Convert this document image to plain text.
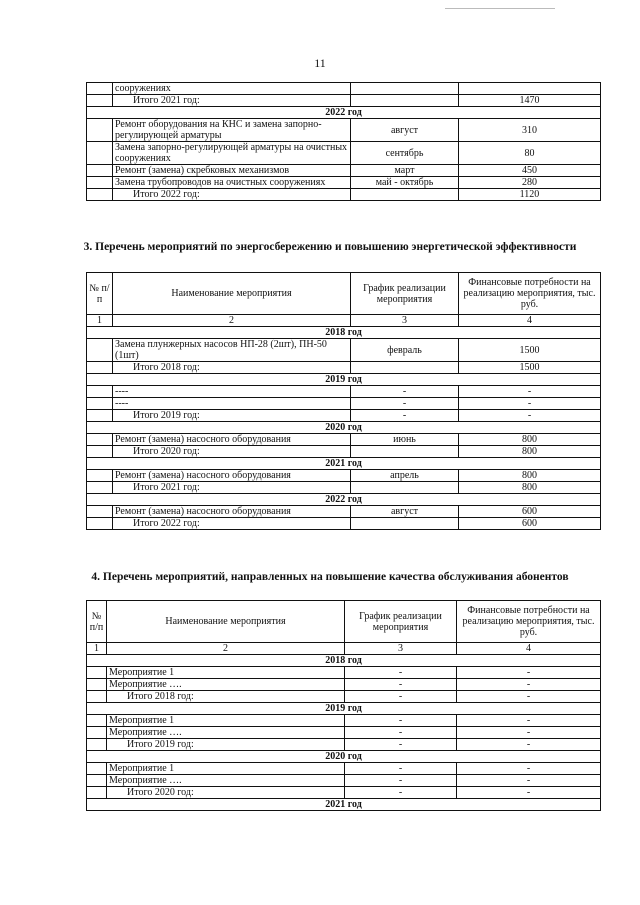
11
	сооружениях		
	Итого 2021 год:		1470
2022 год			
	Ремонт оборудования на КНС и замена запорно-регулирующей арматуры	август	310
	Замена запорно-регулирующей арматуры на очистных сооружениях	сентябрь	80
	Ремонт (замена) скребковых механизмов	март	450
	Замена трубопроводов на очистных сооружениях	май - октябрь	280
	Итого 2022 год:		1120
3. Перечень мероприятий по энергосбережению и повышению энергетической эффективности
№ п/п	Наименование мероприятия	График реализации мероприятия	Финансовые потребности на реализацию мероприятия, тыс. руб.
1	2	3	4
2018 год			
	Замена плунжерных насосов НП-28 (2шт), ПН-50 (1шт)	февраль	1500
	Итого 2018 год:		1500
2019 год			
	----	-	-
	----	-	-
	Итого 2019 год:	-	-
2020 год			
	Ремонт (замена) насосного оборудования	июнь	800
	Итого 2020 год:		800
2021 год			
	Ремонт (замена) насосного оборудования	апрель	800
	Итого 2021 год:		800
2022 год			
	Ремонт (замена) насосного оборудования	август	600
	Итого 2022 год:		600
4. Перечень мероприятий, направленных на повышение качества обслуживания абонентов
№ п/п	Наименование мероприятия	График реализации мероприятия	Финансовые потребности на реализацию мероприятия, тыс. руб.
1	2	3	4
2018 год			
	Мероприятие 1	-	-
	Мероприятие ….	-	-
	Итого 2018 год:	-	-
2019 год			
	Мероприятие 1	-	-
	Мероприятие ….	-	-
	Итого 2019 год:	-	-
2020 год			
	Мероприятие 1	-	-
	Мероприятие ….	-	-
	Итого 2020 год:	-	-
2021 год			
